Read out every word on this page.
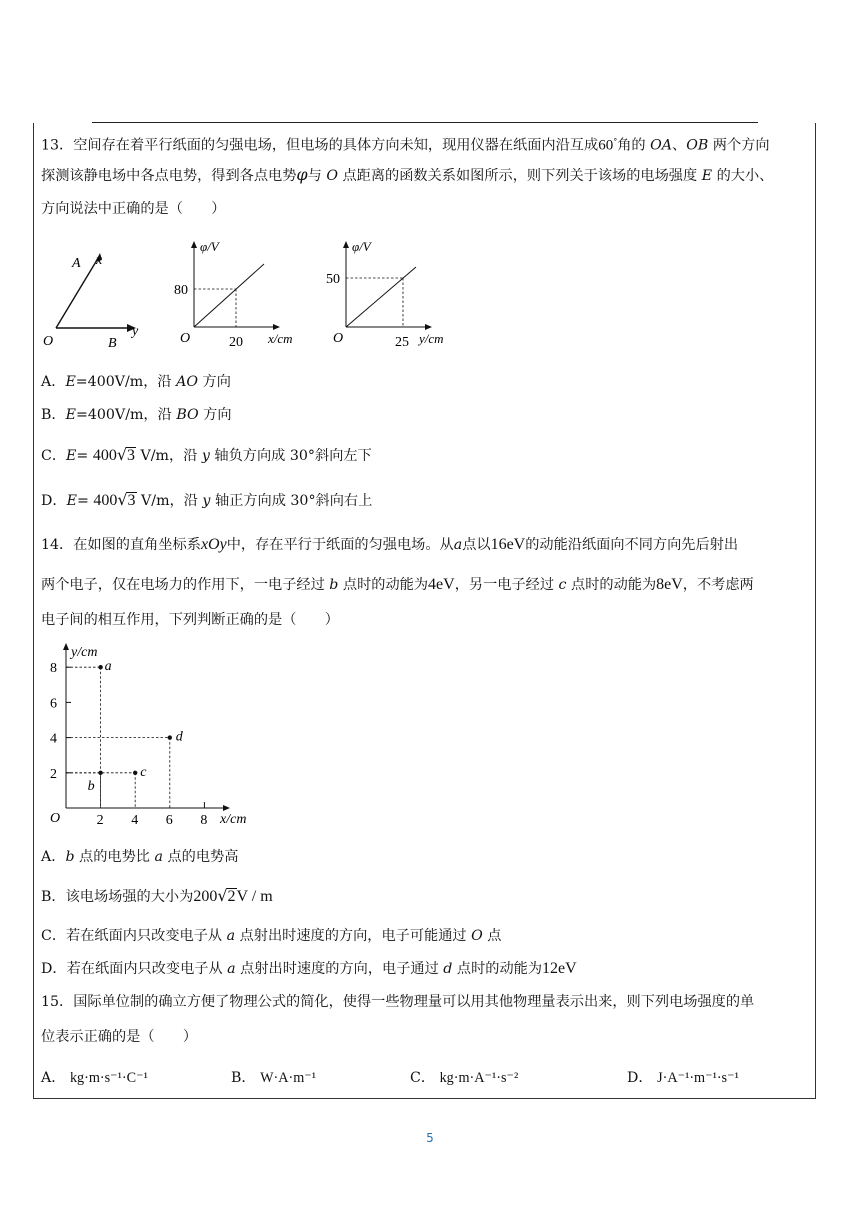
13．空间存在着平行纸面的匀强电场，但电场的具体方向未知，现用仪器在纸面内沿互成60°角的 OA、OB 两个方向
探测该静电场中各点电势，得到各点电势φ与 O 点距离的函数关系如图所示，则下列关于该场的电场强度 E 的大小、
方向说法中正确的是（　　）
A x
O	B
y
φ/V
80
20 x/cm
O
φ/V
50
25 y/cm
O
A．E=400V/m，沿 AO 方向
B．E=400V/m，沿 BO 方向
C．E= 400√3 V/m，沿 y 轴负方向成 30°斜向左下
D．E= 400√3 V/m，沿 y 轴正方向成 30°斜向右上
14．在如图的直角坐标系xOy中，存在平行于纸面的匀强电场。从a点以16eV的动能沿纸面向不同方向先后射出
两个电子，仅在电场力的作用下，一电子经过 b 点时的动能为4eV，另一电子经过 c 点时的动能为8eV，不考虑两
电子间的相互作用，下列判断正确的是（　　）
2
4
6
8
2 4 6 8
a
b
c
d
y/cm
x/cm
O
A．b 点的电势比 a 点的电势高
B．该电场场强的大小为200√2V / m
C．若在纸面内只改变电子从 a 点射出时速度的方向，电子可能通过 O 点
D．若在纸面内只改变电子从 a 点射出时速度的方向，电子通过 d 点时的动能为12eV
15．国际单位制的确立方便了物理公式的简化，使得一些物理量可以用其他物理量表示出来，则下列电场强度的单
位表示正确的是（　　）
A． kg·m·s⁻¹·C⁻¹	B． W·A·m⁻¹	C． kg·m·A⁻¹·s⁻²	D． J·A⁻¹·m⁻¹·s⁻¹
5
